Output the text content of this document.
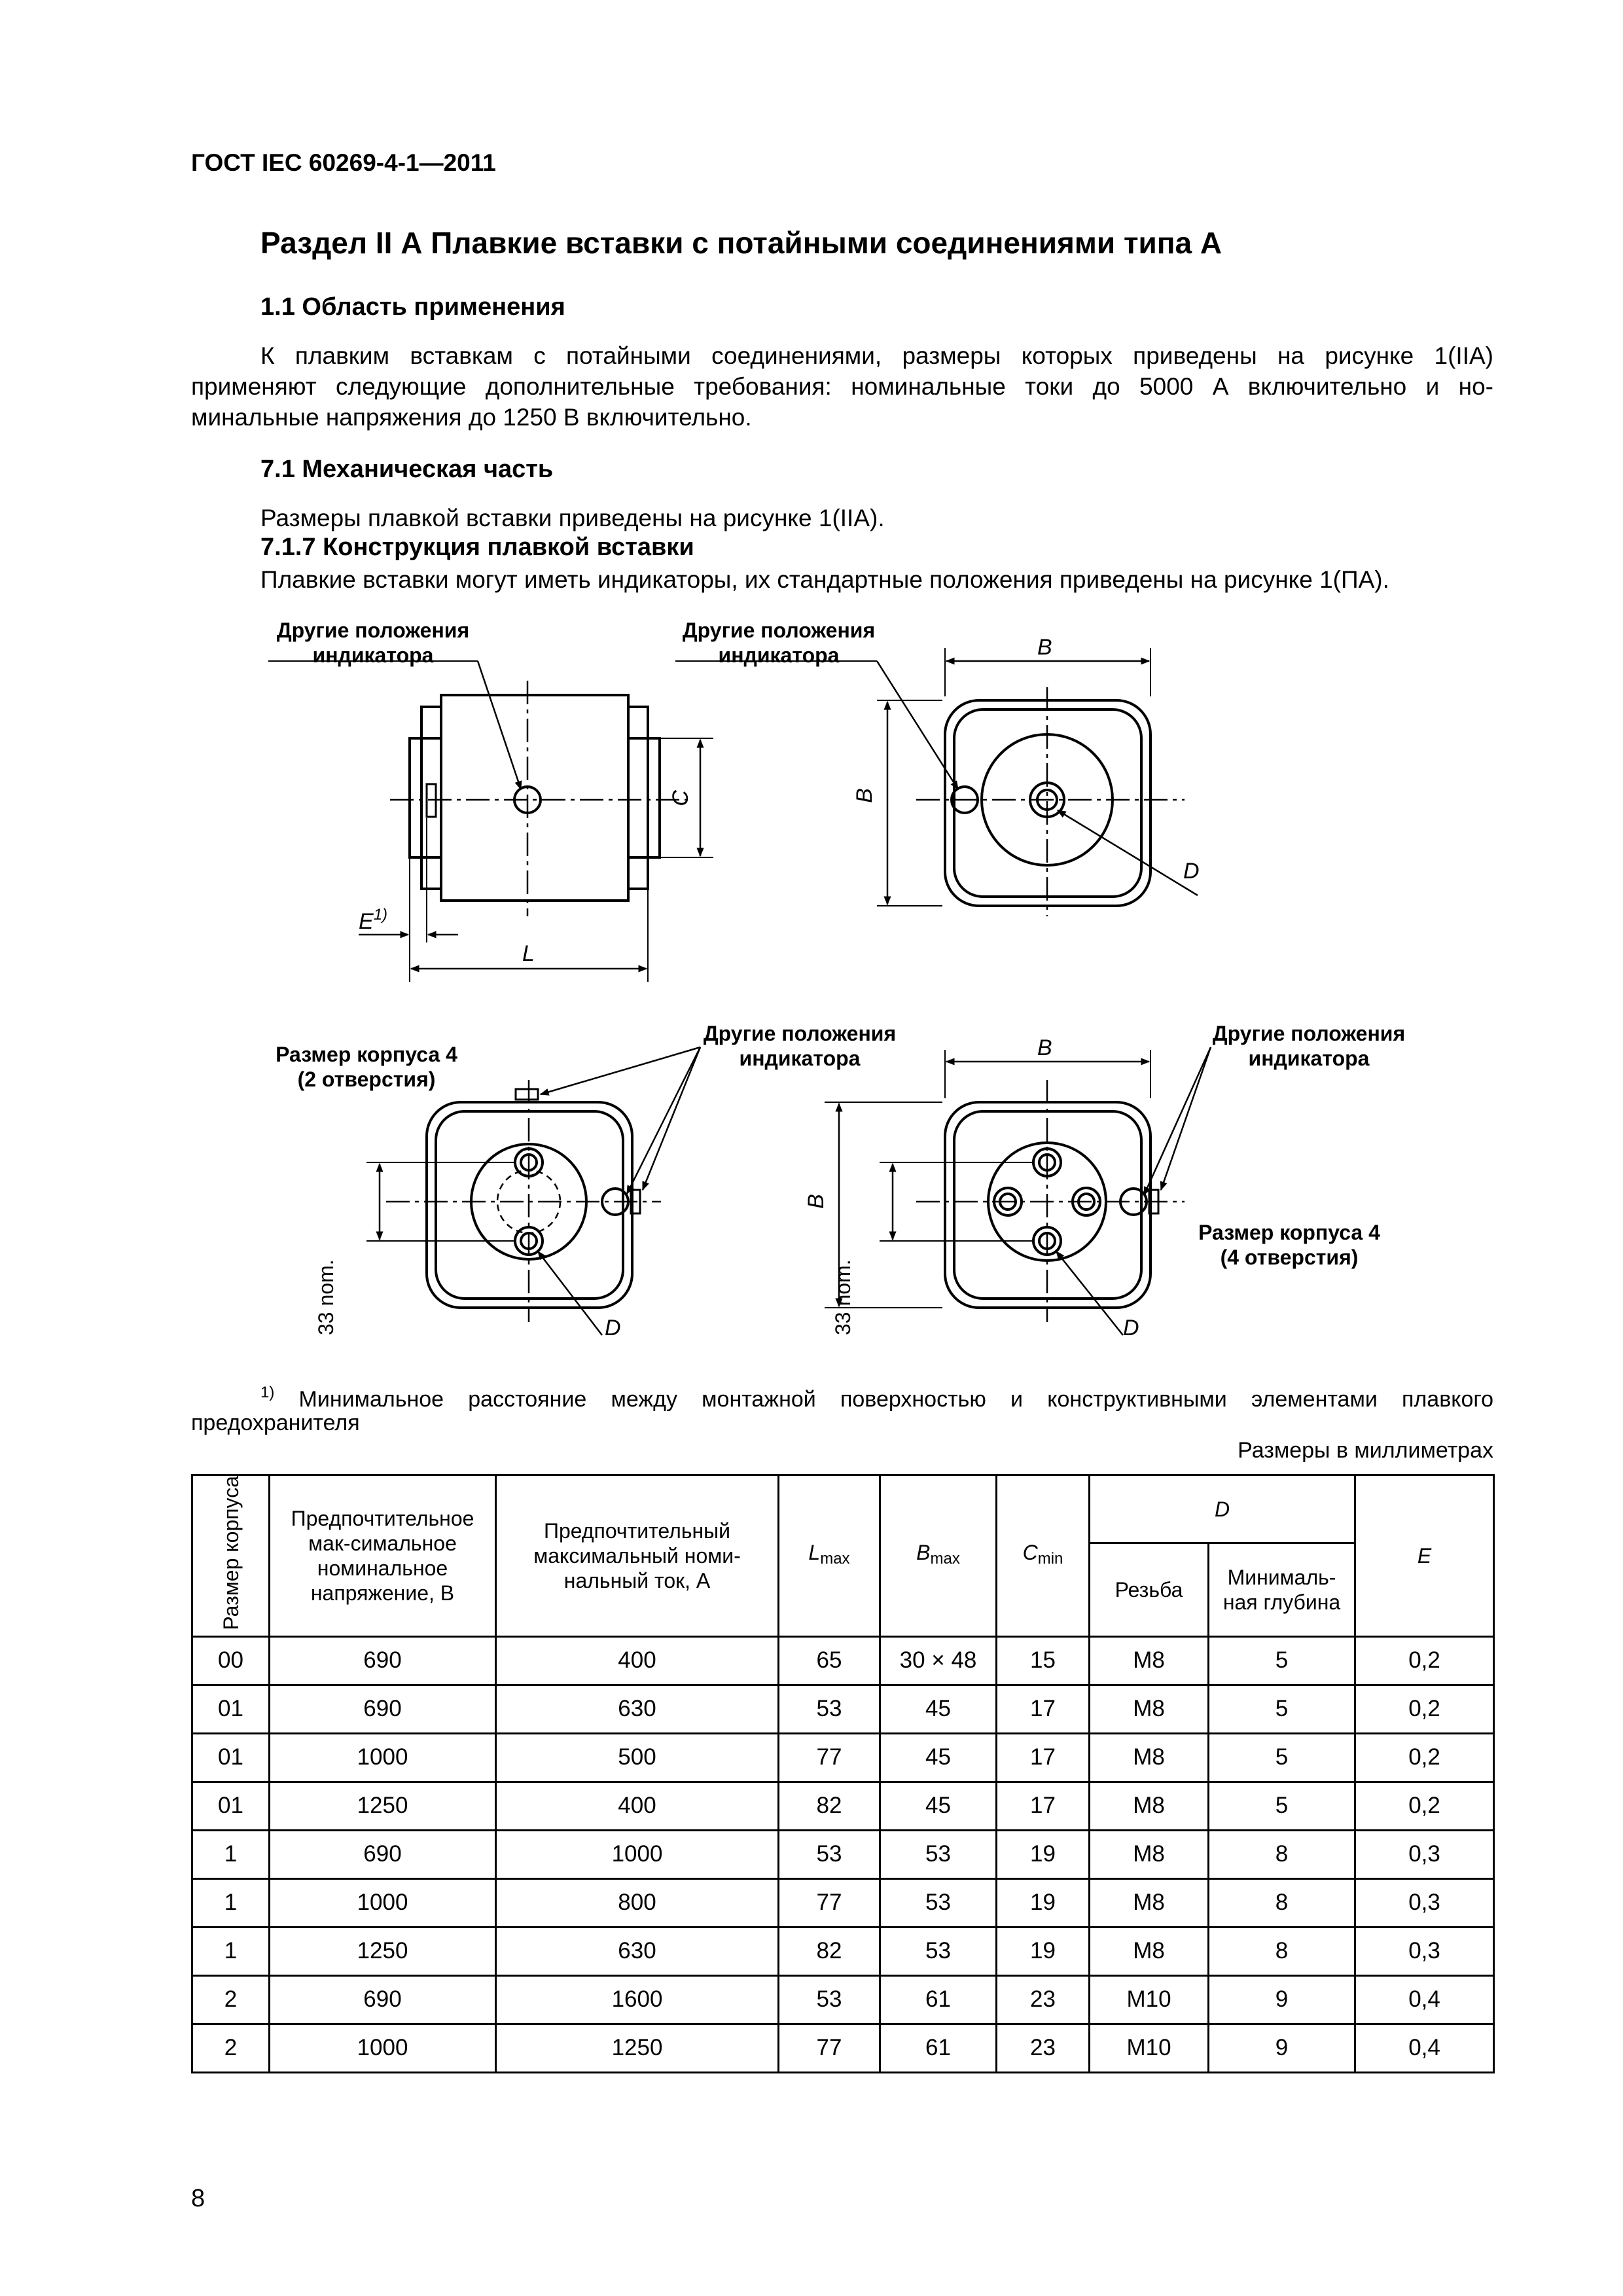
ГОСТ IEC 60269-4-1—2011
Раздел II А Плавкие вставки с потайными соединениями типа А
1.1 Область применения
К плавким вставкам с потайными соединениями, размеры которых приведены на рисунке 1(IIA)
применяют следующие дополнительные требования: номинальные токи до 5000 А включительно и но-
минальные напряжения до 1250 В включительно.
7.1 Механическая часть
Размеры плавкой вставки приведены на рисунке 1(IIA).
7.1.7 Конструкция плавкой вставки
Плавкие вставки могут иметь индикаторы, их стандартные положения приведены на рисунке 1(ПА).
Другие положения
индикатора
Другие положения
индикатора
Другие положения
индикатора
Другие положения
индикатора
Размер корпуса 4
(2 отверстия)
Размер корпуса 4
(4 отверстия)
B
B
C
D
L
$E^{1)}$
B
B
33 nom.	33 nom.
D	D
$^{1)}$ Минимальное расстояние между монтажной поверхностью и конструктивными элементами плавкого
предохранителя
Размеры в миллиметрах
Размер корпуса	Предпочтительное мак-симальное номинальное напряжение, В	Предпочтительный максимальный номи-нальный ток, А	$L_{max}$	$B_{max}$	$C_{min}$	D		E
						Резьба	Минималь-ная глубина	
00	690	400	65	30 × 48	15	M8	5	0,2
01	690	630	53	45	17	M8	5	0,2
01	1000	500	77	45	17	M8	5	0,2
01	1250	400	82	45	17	M8	5	0,2
1	690	1000	53	53	19	M8	8	0,3
1	1000	800	77	53	19	M8	8	0,3
1	1250	630	82	53	19	M8	8	0,3
2	690	1600	53	61	23	M10	9	0,4
2	1000	1250	77	61	23	M10	9	0,4
8
